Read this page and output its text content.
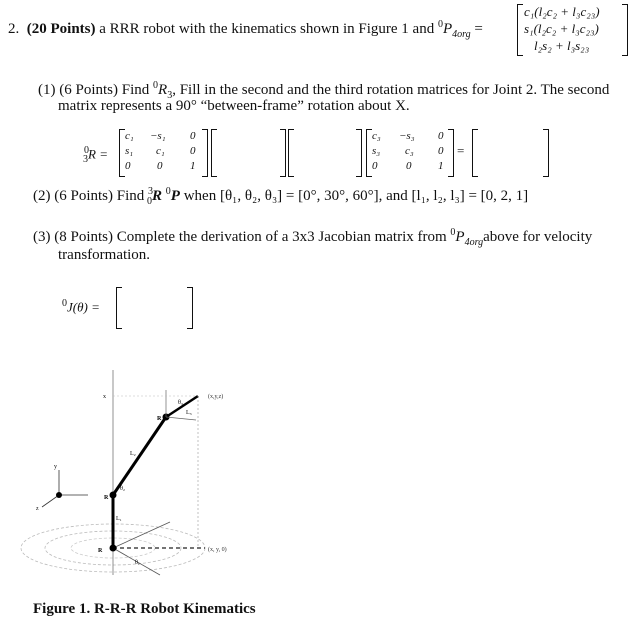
2. (20 Points) a RRR robot with the kinematics shown in Figure 1 and $^0P_{4org}$ =
c₁(l₂c₂ + l₃c₂₃)
s₁(l₂c₂ + l₃c₂₃)
l₂s₂ + l₃s₂₃
(1) (6 Points) Find $^0R_3$, Fill in the second and the third rotation matrices for Joint 2. The second
matrix represents a 90° “between-frame” rotation about X.
$^0_3$R =
c₁ −s₁ 0
s₁ c₁ 0
0 0	1
c₃ −s₃ 0
s₃ c₃ 0
0	0 1
=
(2) (6 Points) Find $^3_0$R $^0$P when [θ₁, θ₂, θ₃] = [0°, 30°, 60°], and [l₁, l₂, l₃] = [0, 2, 1]
(3) (8 Points) Complete the derivation of a 3x3 Jacobian matrix from $^0P_{4org}above$ for velocity
transformation.
$^0$J(θ) =
(x,y,z)
(x, y, 0)
R
R
R
L₁
L₂
L₃
θ₁
θ₂
θ₃
x
y
z
Figure 1. R-R-R Robot Kinematics
